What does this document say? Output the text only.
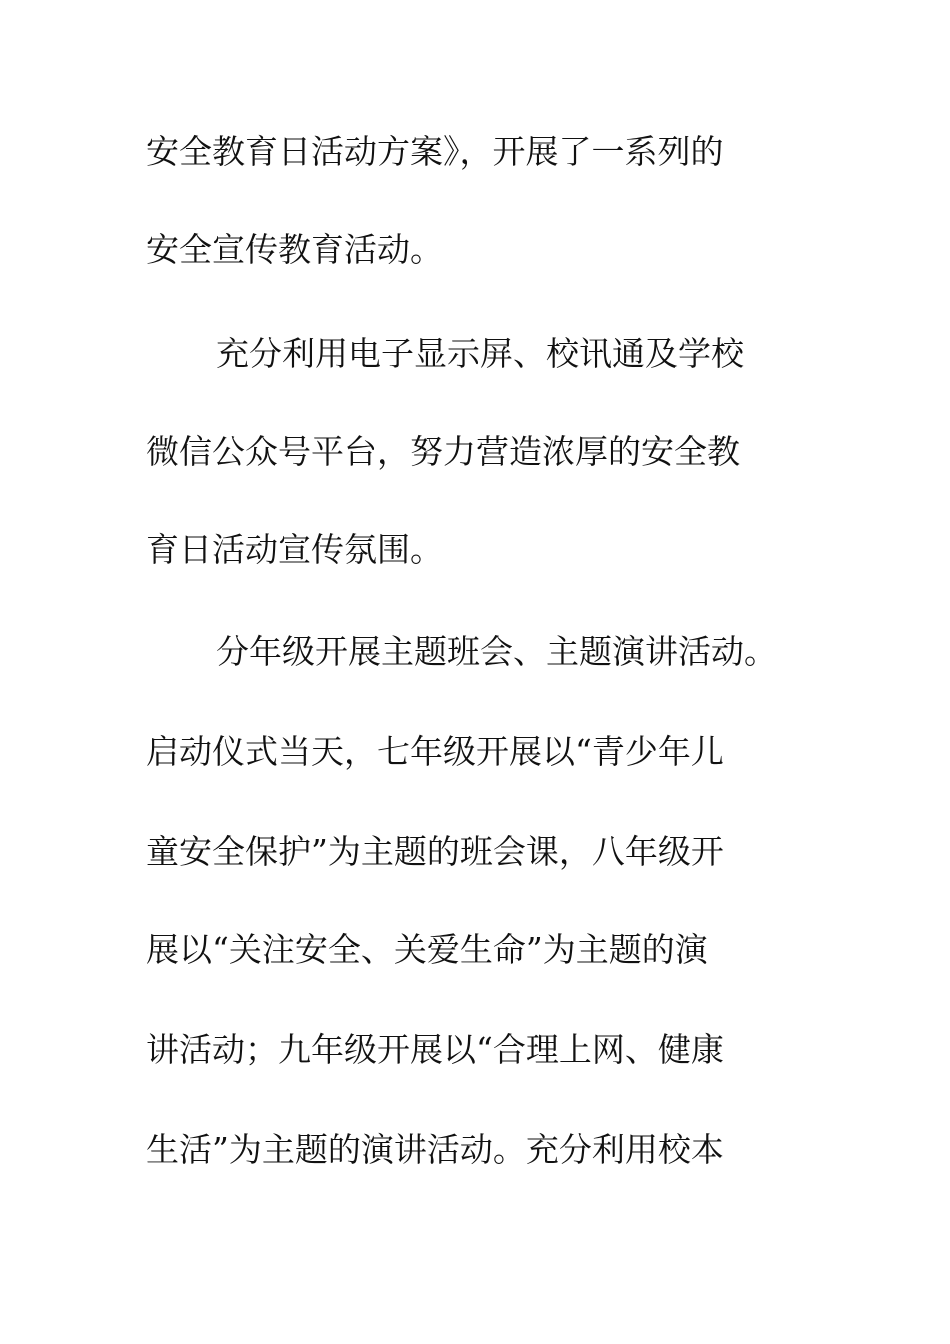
安全教育日活动方案》，开展了一系列的
安全宣传教育活动。
充分利用电子显示屏、校讯通及学校
微信公众号平台，努力营造浓厚的安全教
育日活动宣传氛围。
分年级开展主题班会、主题演讲活动。
启动仪式当天，七年级开展以“青少年儿
童安全保护”为主题的班会课，八年级开
展以“关注安全、关爱生命”为主题的演
讲活动；九年级开展以“合理上网、健康
生活”为主题的演讲活动。充分利用校本
